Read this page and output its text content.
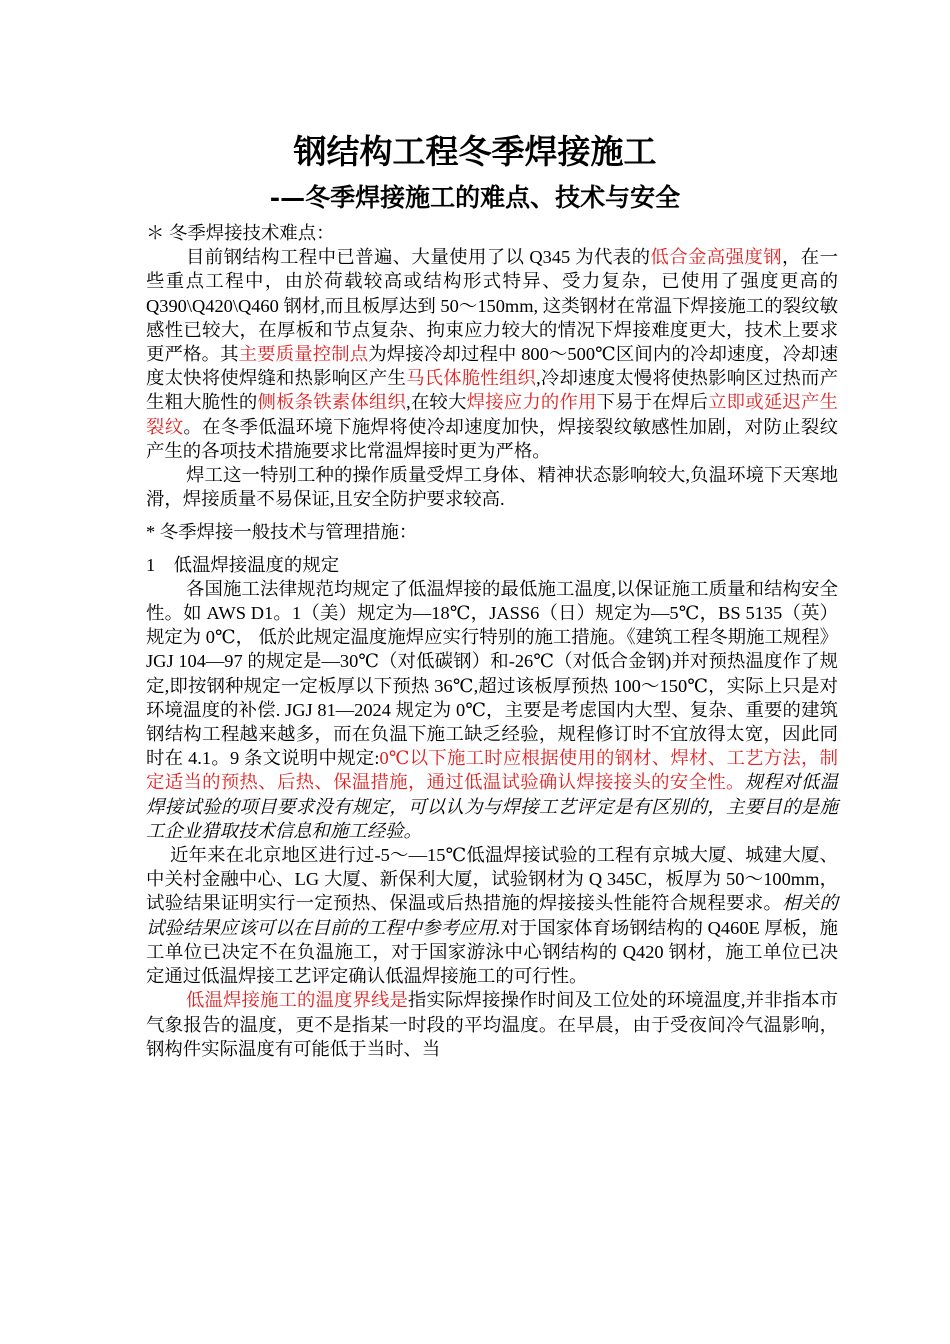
钢结构工程冬季焊接施工
-—冬季焊接施工的难点、技术与安全

＊ 冬季焊接技术难点：

目前钢结构工程中已普遍、大量使用了以 Q345 为代表的低合金高强度钢，在一些重点工程中，由於荷载较高或结构形式特异、受力复杂，已使用了强度更高的 Q390\Q420\Q460 钢材,而且板厚达到 50～150mm, 这类钢材在常温下焊接施工的裂纹敏感性已较大，在厚板和节点复杂、拘束应力较大的情况下焊接难度更大，技术上要求更严格。其主要质量控制点为焊接冷却过程中 800～500℃区间内的冷却速度，冷却速度太快将使焊缝和热影响区产生马氏体脆性组织,冷却速度太慢将使热影响区过热而产生粗大脆性的侧板条铁素体组织,在较大焊接应力的作用下易于在焊后立即或延迟产生裂纹。在冬季低温环境下施焊将使冷却速度加快，焊接裂纹敏感性加剧，对防止裂纹产生的各项技术措施要求比常温焊接时更为严格。

焊工这一特别工种的操作质量受焊工身体、精神状态影响较大,负温环境下天寒地滑，焊接质量不易保证,且安全防护要求较高.

* 冬季焊接一般技术与管理措施：

1　低温焊接温度的规定

各国施工法律规范均规定了低温焊接的最低施工温度,以保证施工质量和结构安全性。如 AWS D1。1（美）规定为—18℃，JASS6（日）规定为—5℃，BS 5135（英）规定为 0℃， 低於此规定温度施焊应实行特别的施工措施。《建筑工程冬期施工规程》JGJ 104—97 的规定是—30℃（对低碳钢）和-26℃（对低合金钢)并对预热温度作了规定,即按钢种规定一定板厚以下预热 36℃,超过该板厚预热 100～150℃，实际上只是对环境温度的补偿. JGJ 81—2024 规定为 0℃，主要是考虑国内大型、复杂、重要的建筑钢结构工程越来越多，而在负温下施工缺乏经验，规程修订时不宜放得太宽，因此同时在 4.1。9 条文说明中规定:0℃以下施工时应根据使用的钢材、焊材、工艺方法，制定适当的预热、后热、保温措施，通过低温试验确认焊接接头的安全性。规程对低温焊接试验的项目要求没有规定，可以认为与焊接工艺评定是有区别的，主要目的是施工企业猎取技术信息和施工经验。

近年来在北京地区进行过-5～—15℃低温焊接试验的工程有京城大厦、城建大厦、中关村金融中心、LG 大厦、新保利大厦，试验钢材为 Q 345C，板厚为 50～100mm，试验结果证明实行一定预热、保温或后热措施的焊接接头性能符合规程要求。相关的试验结果应该可以在目前的工程中参考应用.对于国家体育场钢结构的 Q460E 厚板，施工单位已决定不在负温施工，对于国家游泳中心钢结构的 Q420 钢材，施工单位已决定通过低温焊接工艺评定确认低温焊接施工的可行性。

低温焊接施工的温度界线是指实际焊接操作时间及工位处的环境温度,并非指本市气象报告的温度，更不是指某一时段的平均温度。在早晨，由于受夜间冷气温影响，钢构件实际温度有可能低于当时、当
